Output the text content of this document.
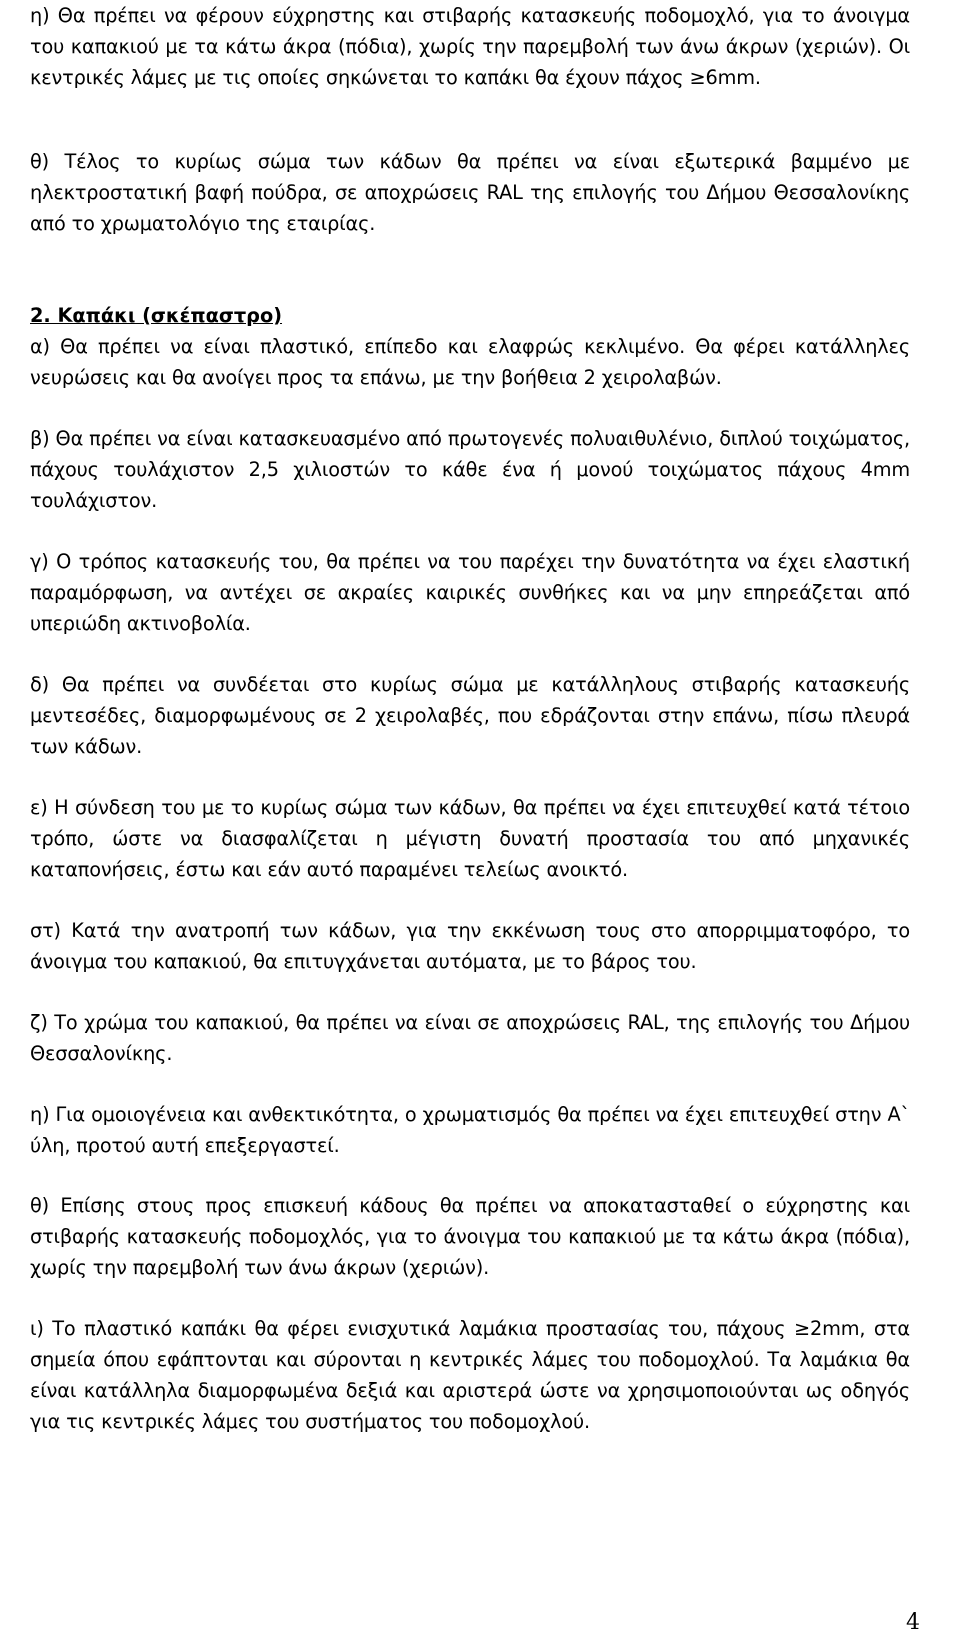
η) Θα πρέπει να φέρουν εύχρηστης και στιβαρής κατασκευής ποδομοχλό, για το άνοιγμα του καπακιού με τα κάτω άκρα (πόδια), χωρίς την παρεμβολή των άνω άκρων (χεριών). Οι κεντρικές λάμες με τις οποίες σηκώνεται το καπάκι θα έχουν πάχος ≥6mm.

θ) Τέλος το κυρίως σώμα των κάδων θα πρέπει να είναι εξωτερικά βαμμένο με ηλεκτροστατική βαφή πούδρα, σε αποχρώσεις RAL της επιλογής του Δήμου Θεσσαλονίκης από το χρωματολόγιο της εταιρίας.

2. Καπάκι (σκέπαστρο)

α) Θα πρέπει να είναι πλαστικό, επίπεδο και ελαφρώς κεκλιμένο. Θα φέρει κατάλληλες νευρώσεις και θα ανοίγει προς τα επάνω, με την βοήθεια 2 χειρολαβών.

β) Θα πρέπει να είναι κατασκευασμένο από πρωτογενές πολυαιθυλένιο, διπλού τοιχώματος, πάχους τουλάχιστον 2,5 χιλιοστών το κάθε ένα ή μονού τοιχώματος πάχους 4mm τουλάχιστον.

γ) Ο τρόπος κατασκευής του, θα πρέπει να του παρέχει την δυνατότητα να έχει ελαστική παραμόρφωση, να αντέχει σε ακραίες καιρικές συνθήκες και να μην επηρεάζεται από υπεριώδη ακτινοβολία.

δ) Θα πρέπει να συνδέεται στο κυρίως σώμα με κατάλληλους στιβαρής κατασκευής μεντεσέδες, διαμορφωμένους σε 2 χειρολαβές, που εδράζονται στην επάνω, πίσω πλευρά των κάδων.

ε) Η σύνδεση του με το κυρίως σώμα των κάδων, θα πρέπει να έχει επιτευχθεί κατά τέτοιο τρόπο, ώστε να διασφαλίζεται η μέγιστη δυνατή προστασία του από μηχανικές καταπονήσεις, έστω και εάν αυτό παραμένει τελείως ανοικτό.

στ) Κατά την ανατροπή των κάδων, για την εκκένωση τους στο απορριμματοφόρο, το άνοιγμα του καπακιού, θα επιτυγχάνεται αυτόματα, με το βάρος του.

ζ) Το χρώμα του καπακιού, θα πρέπει να είναι σε αποχρώσεις RAL, της επιλογής του Δήμου Θεσσαλονίκης.

η) Για ομοιογένεια και ανθεκτικότητα, ο χρωματισμός θα πρέπει να έχει επιτευχθεί στην Α` ύλη, προτού αυτή επεξεργαστεί.

θ) Επίσης στους προς επισκευή κάδους θα πρέπει να αποκατασταθεί ο εύχρηστης και στιβαρής κατασκευής ποδομοχλός, για το άνοιγμα του καπακιού με τα κάτω άκρα (πόδια), χωρίς την παρεμβολή των άνω άκρων (χεριών).

ι) Το πλαστικό καπάκι θα φέρει ενισχυτικά λαμάκια προστασίας του, πάχους ≥2mm, στα σημεία όπου εφάπτονται και σύρονται η κεντρικές λάμες του ποδομοχλού. Τα λαμάκια θα είναι κατάλληλα διαμορφωμένα δεξιά και αριστερά ώστε να χρησιμοποιούνται ως οδηγός για τις κεντρικές λάμες του συστήματος του ποδομοχλού.

4
